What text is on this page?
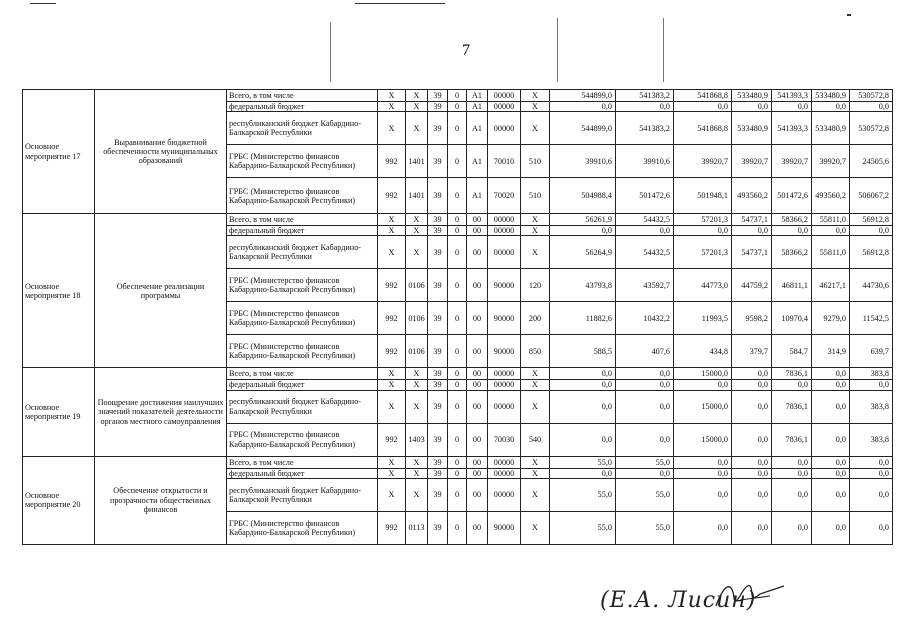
7
Основное мероприятие 17	Выравнивание бюджетной обеспеченности муниципальных образований	Всего, в том числе	Х	Х	39	0	А1	00000	Х	544899,0	541383,2	541868,8	533480,9	541393,3	533480,9	530572,8
		федеральный бюджет	Х	Х	39	0	А1	00000	Х	0,0	0,0	0,0	0,0	0,0	0,0	0,0
		республиканский бюджет Кабардино-Балкарской Республики	Х	Х	39	0	А1	00000	Х	544899,0	541383,2	541868,8	533480,9	541393,3	533480,9	530572,8
		ГРБС (Министерство финансов Кабардино-Балкарской Республики)	992	1401	39	0	А1	70010	510	39910,6	39910,6	39920,7	39920,7	39920,7	39920,7	24505,6
		ГРБС (Министерство финансов Кабардино-Балкарской Республики)	992	1401	39	0	А1	70020	510	504988,4	501472,6	501948,1	493560,2	501472,6	493560,2	506067,2
Основное мероприятие 18	Обеспечение реализации программы	Всего, в том числе	Х	Х	39	0	00	00000	Х	56261,9	54432,5	57201,3	54737,1	58366,2	55811,0	56912,8
		федеральный бюджет	Х	Х	39	0	00	00000	Х	0,0	0,0	0,0	0,0	0,0	0,0	0,0
		республиканский бюджет Кабардино-Балкарской Республики	Х	Х	39	0	00	00000	Х	56264,9	54432,5	57201,3	54737,1	58366,2	55811,0	56912,8
		ГРБС (Министерство финансов Кабардино-Балкарской Республики)	992	0106	39	0	00	90000	120	43793,8	43592,7	44773,0	44759,2	46811,1	46217,1	44730,6
		ГРБС (Министерство финансов Кабардино-Балкарской Республики)	992	0106	39	0	00	90000	200	11882,6	10432,2	11993,5	9598,2	10970,4	9279,0	11542,5
		ГРБС (Министерство финансов Кабардино-Балкарской Республики)	992	0106	39	0	00	90000	850	588,5	407,6	434,8	379,7	584,7	314,9	639,7
Основное мероприятие 19	Поощрение достижения наилучших значений показателей деятельности органов местного самоуправления	Всего, в том числе	Х	Х	39	0	00	00000	Х	0,0	0,0	15000,0	0,0	7836,1	0,0	383,8
		федеральный бюджет	Х	Х	39	0	00	00000	Х	0,0	0,0	0,0	0,0	0,0	0,0	0,0
		республиканский бюджет Кабардино-Балкарской Республики	Х	Х	39	0	00	00000	Х	0,0	0,0	15000,0	0,0	7836,1	0,0	383,8
		ГРБС (Министерство финансов Кабардино-Балкарской Республики)	992	1403	39	0	00	70030	540	0,0	0,0	15000,0	0,0	7836,1	0,0	383,8
Основное мероприятие 20	Обеспечение открытости и прозрачности общественных финансов	Всего, в том числе	Х	Х	39	0	00	00000	Х	55,0	55,0	0,0	0,0	0,0	0,0	0,0
		федеральный бюджет	Х	Х	39	0	00	00000	Х	0,0	0,0	0,0	0,0	0,0	0,0	0,0
		республиканский бюджет Кабардино-Балкарской Республики	Х	Х	39	0	00	00000	Х	55,0	55,0	0,0	0,0	0,0	0,0	0,0
		ГРБС (Министерство финансов Кабардино-Балкарской Республики)	992	0113	39	0	00	90000	Х	55,0	55,0	0,0	0,0	0,0	0,0	0,0
(Е.А. Лисин)
